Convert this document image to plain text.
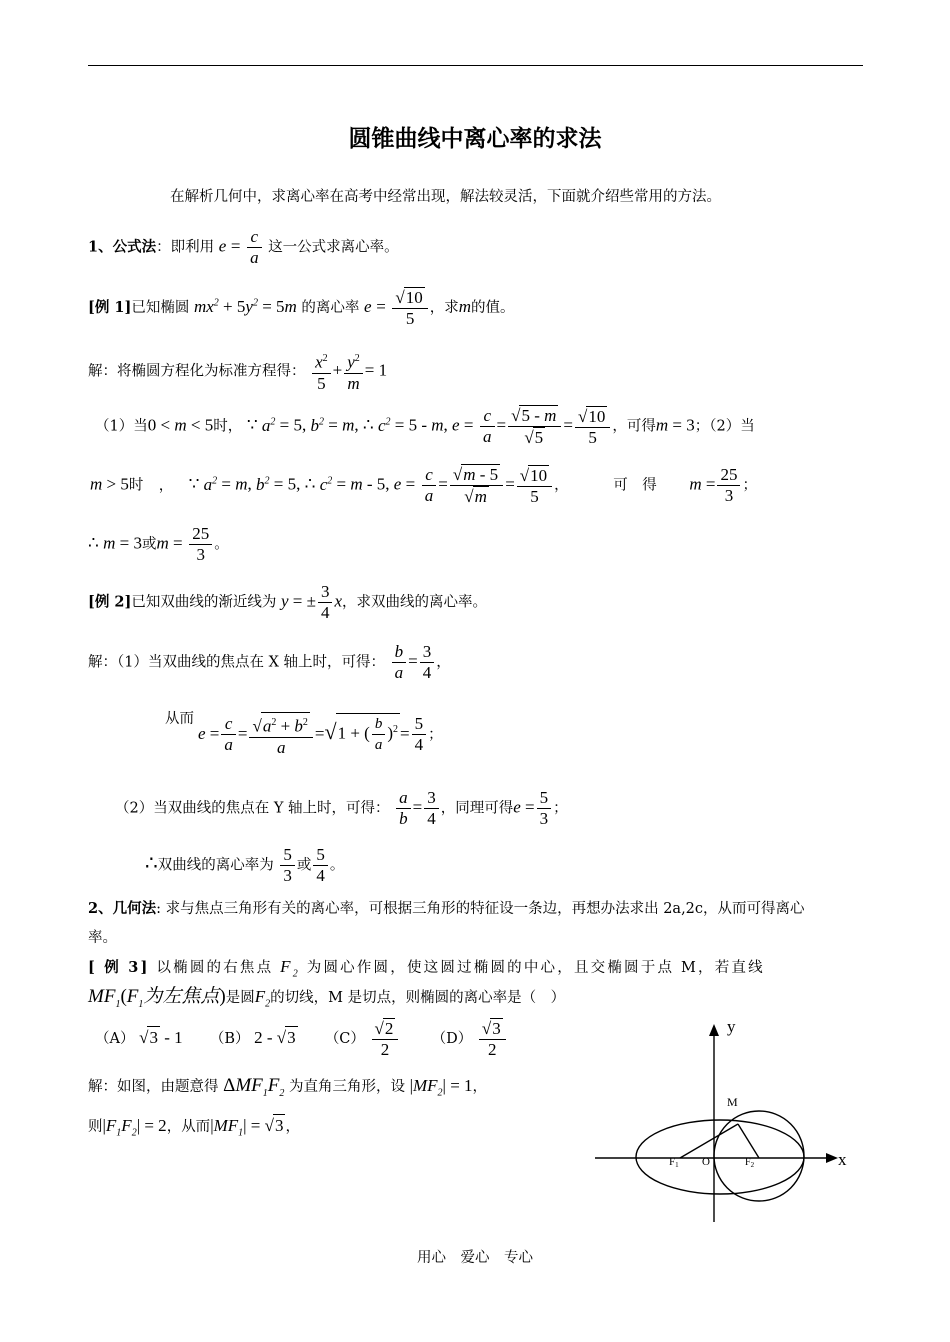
圆锥曲线中离心率的求法
在解析几何中，求离心率在高考中经常出现，解法较灵活，下面就介绍些常用的方法。
1、公式法：即利用 $e = \frac{c}{a}$ 这一公式求离心率。
[例 1]已知椭圆 $mx^2 + 5y^2 = 5m$ 的离心率 $e = \frac{√10}{5}$ ，求m的值。
解：将椭圆方程化为标准方程得： $\frac{x^2}{5} + \frac{y^2}{m} = 1$
（1）当0 < m < 5时， ∵ $a^2 = 5$, $b^2 = m$, ∴ $c^2 = 5 - m$, $e = \frac{c}{a} = \frac{√5 - m}{√5} = \frac{√10}{5}$ ，可得m = 3；（2）当
m > 5时 ， ∵ $a^2 = m$, $b^2 = 5$, ∴ $c^2 = m - 5$, $e = \frac{c}{a} = \frac{√m - 5}{√m} = \frac{√10}{5}$ ，	可　得 $m = \frac{25}{3}$ ；
∴ m = 3或$m = \frac{25}{3}$ 。
[例 2]已知双曲线的渐近线为 y = ± $\frac{3}{4}$ x，求双曲线的离心率。
解：（1）当双曲线的焦点在 X 轴上时，可得： $\frac{b}{a} = \frac{3}{4}$ ，
从而
$e = \frac{c}{a} = \frac{√a^2 + b^2}{a} =√1$ + ( $\frac{b}{a} )^2 = \frac{5}{4}$ ；
（2）当双曲线的焦点在 Y 轴上时，可得： $\frac{a}{b} = \frac{3}{4}$ ，同理可得$e = \frac{5}{3}$ ；
∴双曲线的离心率为 $\frac{5}{3}$ 或 $\frac{5}{4}$ 。
2、几何法: 求与焦点三角形有关的离心率，可根据三角形的特征设一条边，再想办法求出 2a,2c，从而可得离心
率。
[ 例 3] 以椭圆的右焦点 $F_2$ 为圆心作圆，使这圆过椭圆的中心，且交椭圆于点 M，若直线
$MF_1(F_1$为左焦点)是圆$F_2$的切线，M 是切点，则椭圆的离心率是（　）
（A） √3 - 1 （B） 2 - √3 $(C) \frac{√2}{2} (D) \frac{√3}{2}$
解：如图，由题意得 $\Delta MF_1F_2$ 为直角三角形，设 $|MF_2| = 1$，
则$|F_1F_2| = 2$，从而$|MF_1| = √3$ ，
y
x
M
F1 O	$F_2$
用心　爱心　专心
